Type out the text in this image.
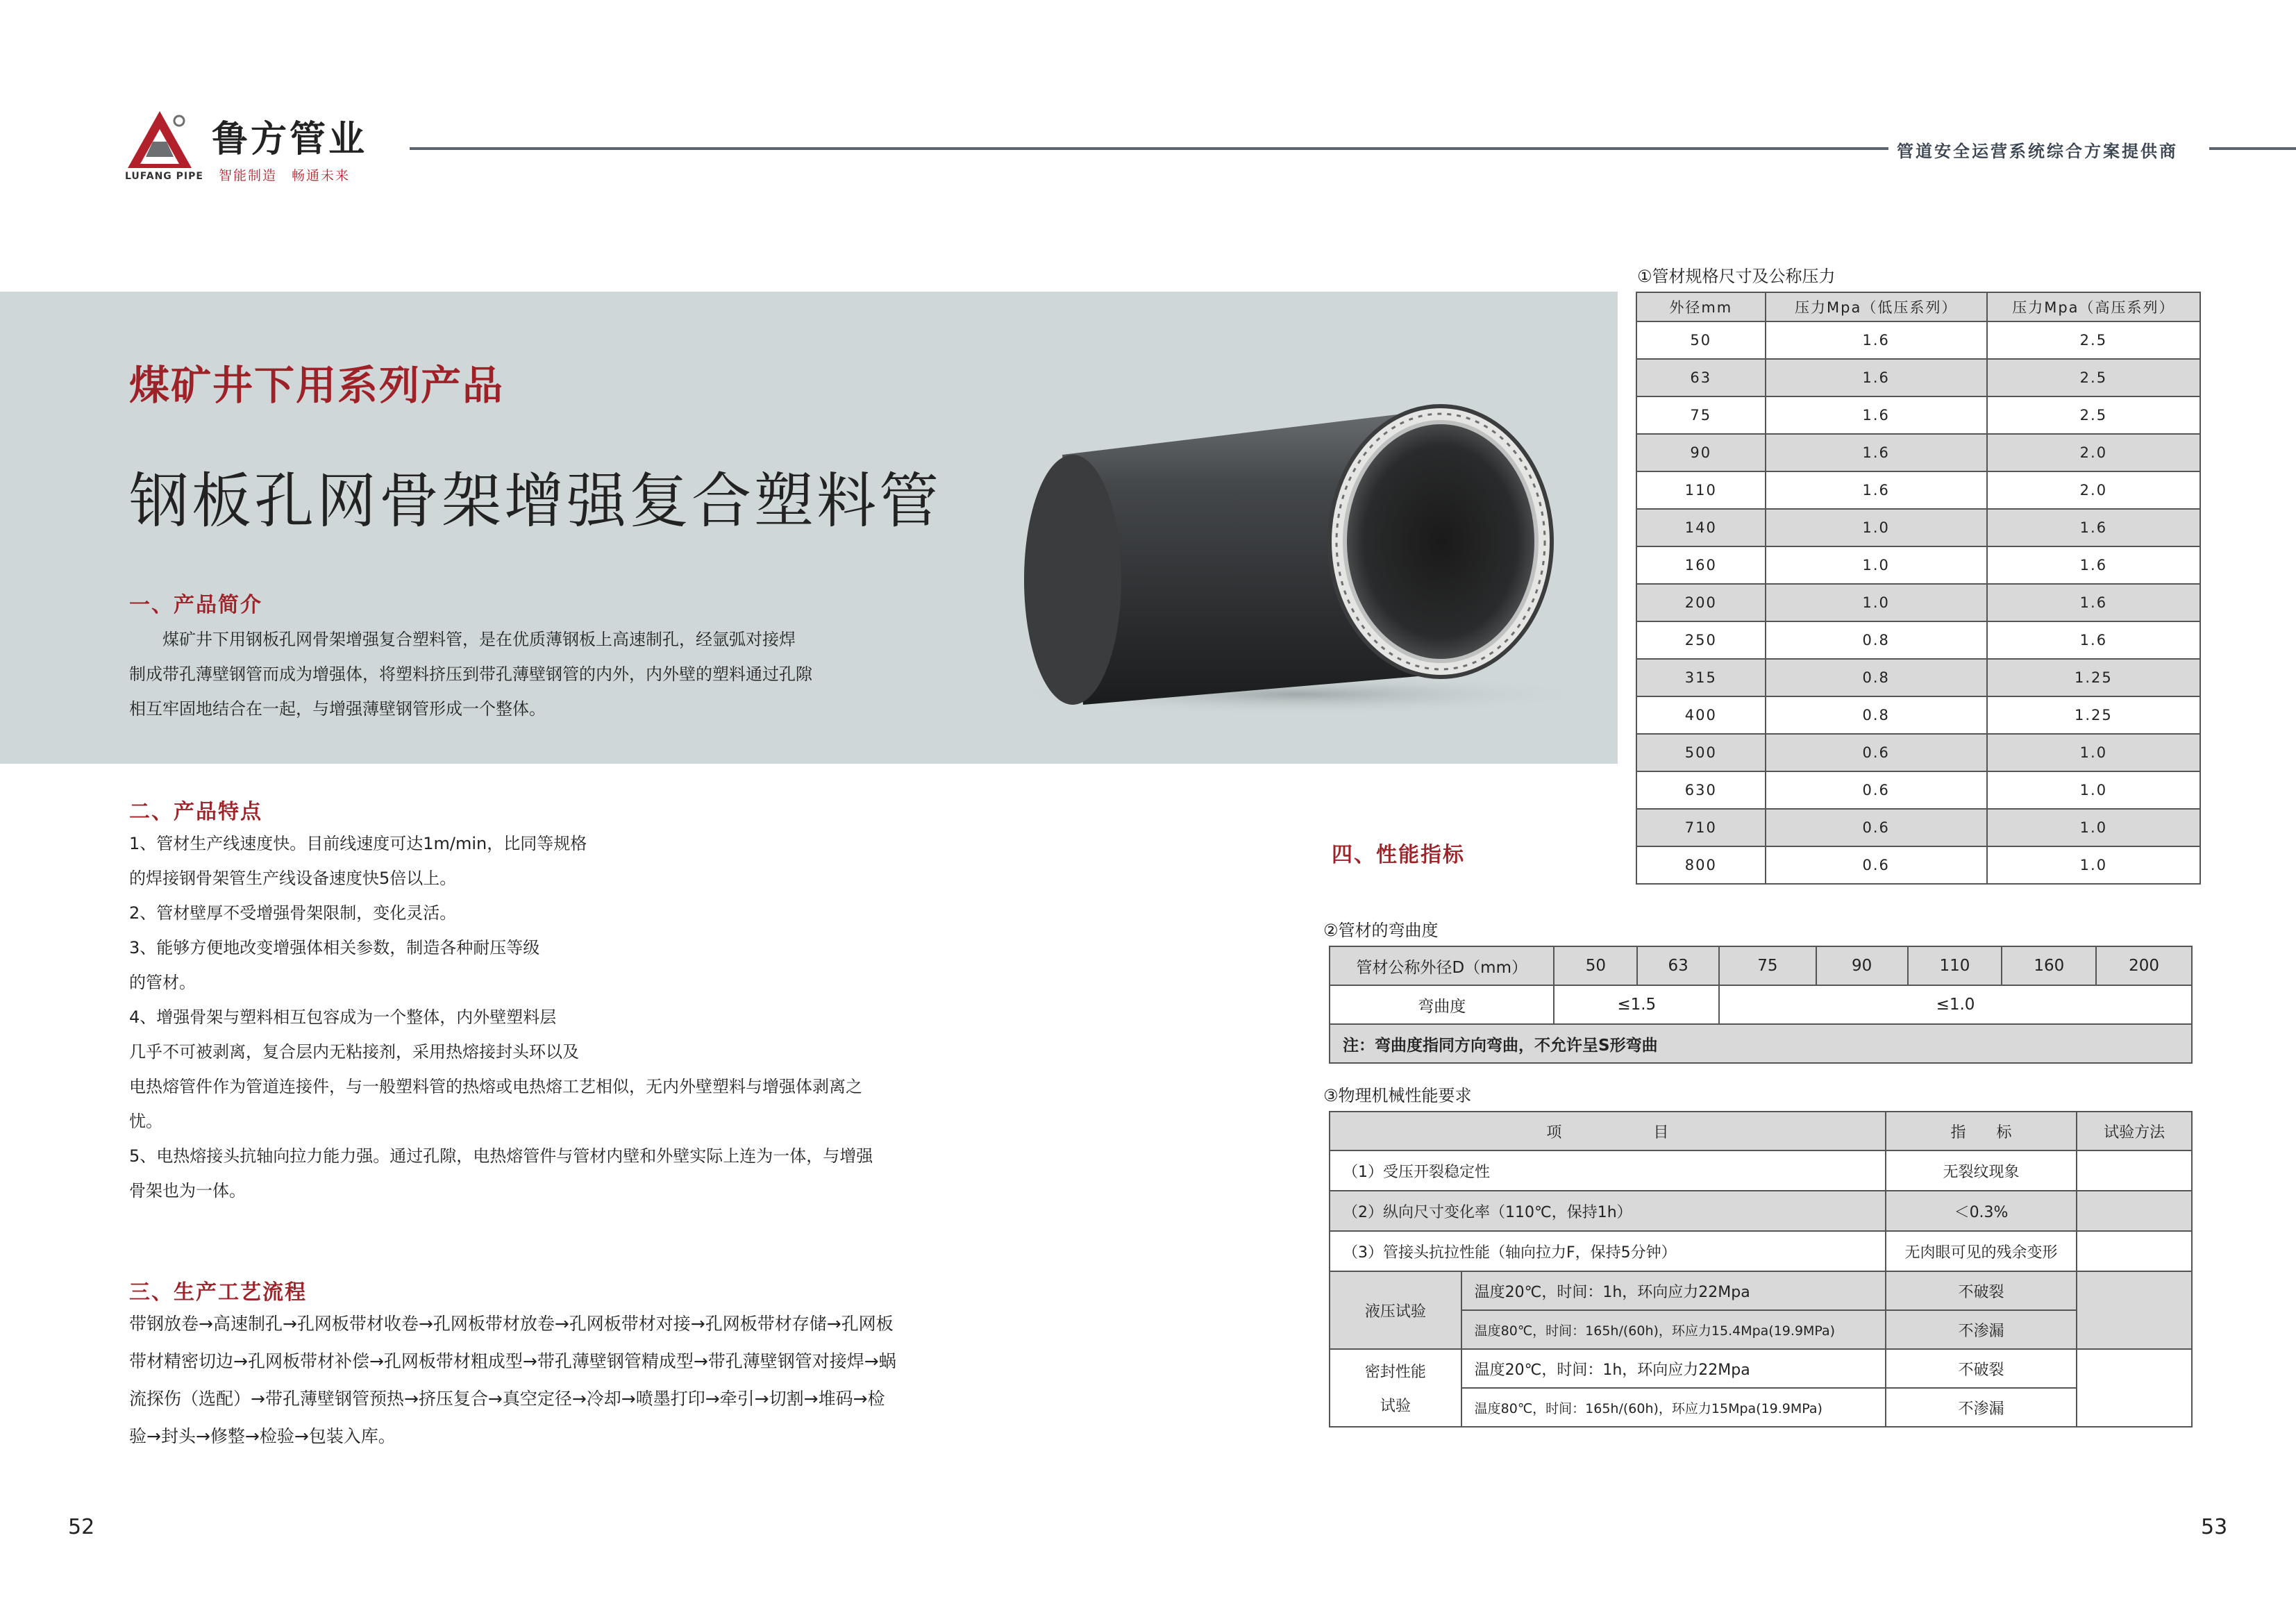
鲁方管业
LUFANG PIPE 智能制造　畅通未来
管道安全运营系统综合方案提供商
煤矿井下用系列产品
钢板孔网骨架增强复合塑料管
一、产品简介
　　煤矿井下用钢板孔网骨架增强复合塑料管，是在优质薄钢板上高速制孔，经氩弧对接焊
制成带孔薄壁钢管而成为增强体，将塑料挤压到带孔薄壁钢管的内外，内外壁的塑料通过孔隙
相互牢固地结合在一起，与增强薄壁钢管形成一个整体。
二、产品特点
1、管材生产线速度快。目前线速度可达1m/min，比同等规格
的焊接钢骨架管生产线设备速度快5倍以上。
2、管材壁厚不受增强骨架限制，变化灵活。
3、能够方便地改变增强体相关参数，制造各种耐压等级
的管材。
4、增强骨架与塑料相互包容成为一个整体，内外壁塑料层
几乎不可被剥离，复合层内无粘接剂，采用热熔接封头环以及
电热熔管件作为管道连接件，与一般塑料管的热熔或电热熔工艺相似，无内外壁塑料与增强体剥离之
忧。
5、电热熔接头抗轴向拉力能力强。通过孔隙，电热熔管件与管材内壁和外壁实际上连为一体，与增强
骨架也为一体。
三、生产工艺流程
带钢放卷→高速制孔→孔网板带材收卷→孔网板带材放卷→孔网板带材对接→孔网板带材存储→孔网板
带材精密切边→孔网板带材补偿→孔网板带材粗成型→带孔薄壁钢管精成型→带孔薄壁钢管对接焊→蜗
流探伤（选配）→带孔薄壁钢管预热→挤压复合→真空定径→冷却→喷墨打印→牵引→切割→堆码→检
验→封头→修整→检验→包装入库。
四、性能指标
①管材规格尺寸及公称压力
外径mm	压力Mpa（低压系列）	压力Mpa（高压系列）
50	1.6	2.5
63	1.6	2.5
75	1.6	2.5
90	1.6	2.0
110	1.6	2.0
140	1.0	1.6
160	1.0	1.6
200	1.0	1.6
250	0.8	1.6
315	0.8	1.25
400	0.8	1.25
500	0.6	1.0
630	0.6	1.0
710	0.6	1.0
800	0.6	1.0
②管材的弯曲度
管材公称外径D（mm）	50	63	75	90	110	160	200
弯曲度	≤1.5		≤1.0				
注：弯曲度指同方向弯曲，不允许呈S形弯曲							
③物理机械性能要求
项　　　　　　目		指　　标	试验方法
（1）受压开裂稳定性		无裂纹现象	
（2）纵向尺寸变化率（110℃，保持1h）		＜0.3%	
（3）管接头抗拉性能（轴向拉力F，保持5分钟）		无肉眼可见的残余变形	
液压试验	温度20℃，时间：1h，环向应力22Mpa	不破裂	
	温度80℃，时间：165h/(60h)，环应力15.4Mpa(19.9MPa)	不渗漏	

密封性能
试验	温度20℃，时间：1h，环向应力22Mpa	不破裂	
	温度80℃，时间：165h/(60h)，环应力15Mpa(19.9MPa)	不渗漏	
52	53
